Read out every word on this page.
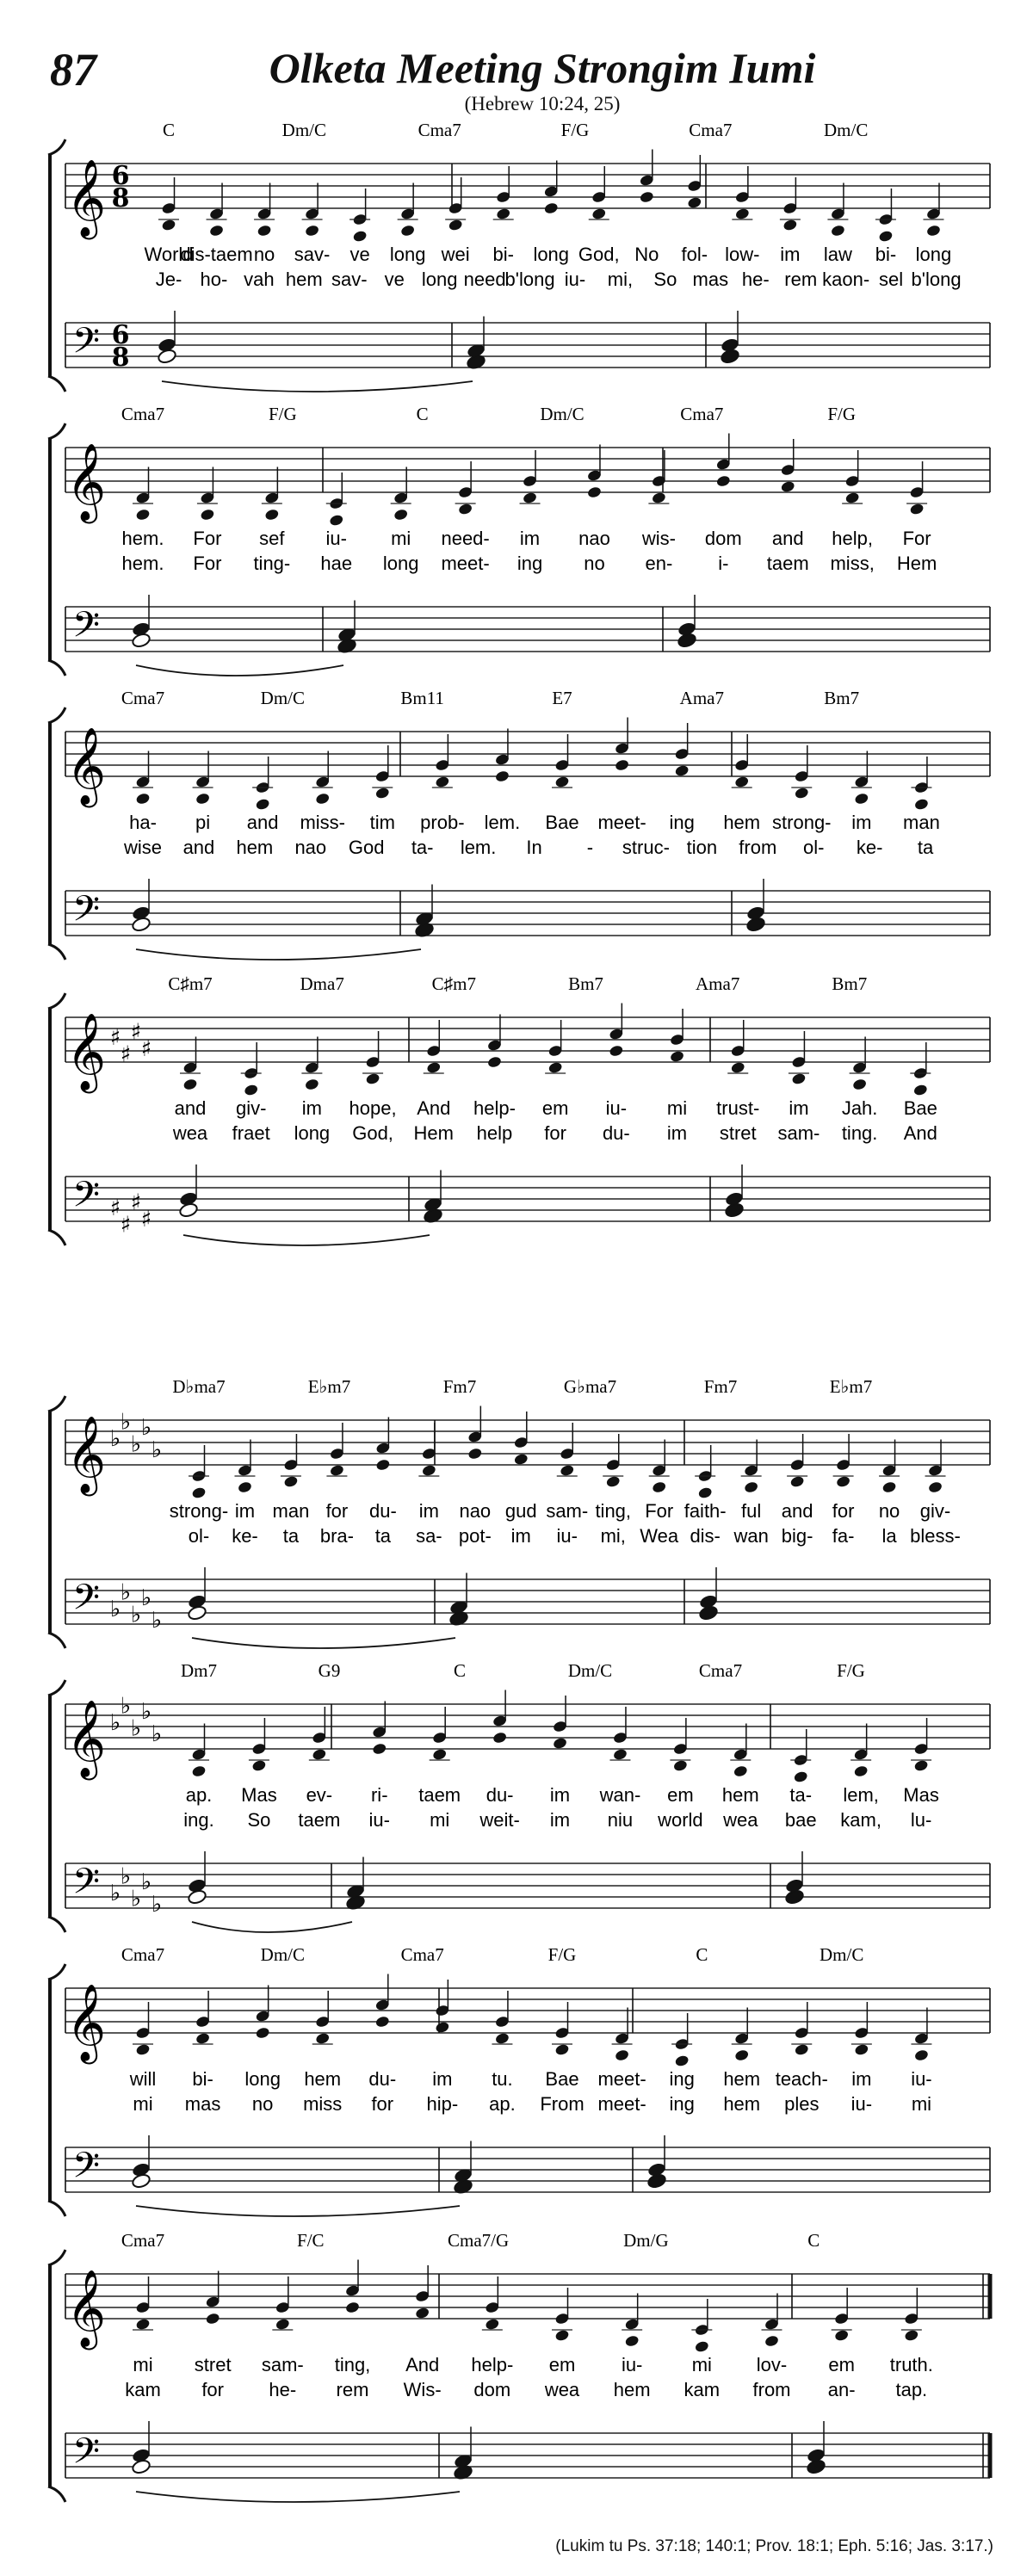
87	Olketa Meeting Strongim Iumi
(Hebrew 10:24, 25)
𝄞
𝄢
6
8
6
8
C	Dm/C	Cma7	F/G	Cma7	Dm/C
World
dis-taem no sav- ve long wei bi- long God, No fol- low- im law bi- long
Je- ho- vah hem sav- ve long need
b'long iu- mi, So mas he- rem kaon- sel b'long
𝄞
𝄢
Cma7	F/G	C	Dm/C	Cma7	F/G
hem. For sef iu- mi need- im nao wis- dom and help, For
hem. For ting- hae long meet- ing no en- i- taem miss, Hem
𝄞
𝄢
Cma7	Dm/C	Bm11	E7	Ama7	Bm7
ha- pi and miss- tim prob- lem. Bae meet- ing hem strong- im man
wise and hem nao God ta- lem. In - struc- tion from ol- ke- ta
𝄞
𝄢
♯
♯
♯
♯
♯
♯
♯
♯
C♯m7	Dma7	C♯m7	Bm7	Ama7	Bm7
and giv- im hope, And help- em iu- mi trust- im Jah. Bae
wea fraet long God, Hem help for du- im stret sam- ting. And
𝄞
𝄢
♭
♭
♭
♭
♭
♭
♭
♭
♭
♭
D♭ma7	E♭m7	Fm7	G♭ma7	Fm7	E♭m7
strong- im man for du- im nao gud sam- ting, For faith- ful and for no giv-
ol- ke- ta bra- ta sa- pot- im iu- mi, Wea dis- wan big- fa- la bless-
𝄞
𝄢
♭
♭
♭
♭
♭
♭
♭
♭
♭
♭
Dm7	G9	C	Dm/C	Cma7	F/G
ap. Mas ev- ri- taem du- im wan- em hem ta- lem, Mas
ing. So taem iu- mi weit- im niu world wea bae kam, lu-
𝄞
𝄢
Cma7	Dm/C	Cma7	F/G	C	Dm/C
will bi- long hem du- im tu. Bae meet- ing hem teach- im iu-
mi mas no miss for hip- ap. From meet- ing hem ples iu- mi
𝄞
𝄢
Cma7	F/C	Cma7/G	Dm/G	C
mi stret sam- ting, And help- em iu-	mi lov- em truth.
kam for he- rem Wis- dom wea hem kam from an- tap.
(Lukim tu Ps. 37:18; 140:1; Prov. 18:1; Eph. 5:16; Jas. 3:17.)
